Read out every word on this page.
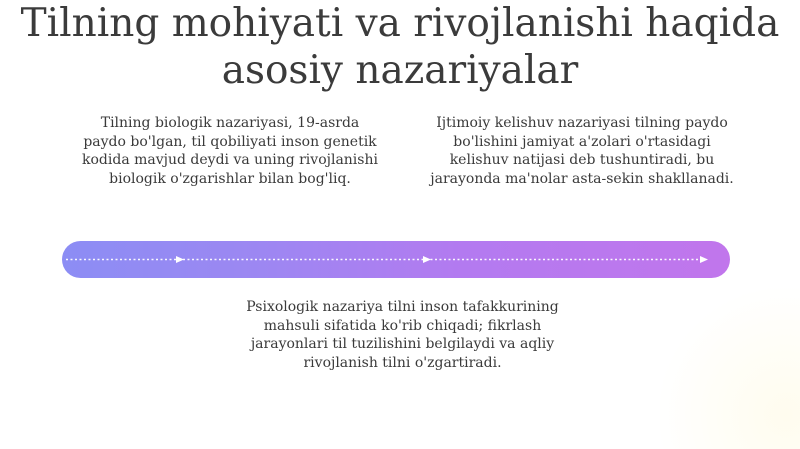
Tilning mohiyati va rivojlanishi haqida asosiy nazariyalar

Tilning biologik nazariyasi, 19-asrda paydo bo'lgan, til qobiliyati inson genetik kodida mavjud deydi va uning rivojlanishi biologik o'zgarishlar bilan bog'liq.

Ijtimoiy kelishuv nazariyasi tilning paydo bo'lishini jamiyat a'zolari o'rtasidagi kelishuv natijasi deb tushuntiradi, bu jarayonda ma'nolar asta-sekin shakllanadi.

Psixologik nazariya tilni inson tafakkurining mahsuli sifatida ko'rib chiqadi; fikrlash jarayonlari til tuzilishini belgilaydi va aqliy rivojlanish tilni o'zgartiradi.
